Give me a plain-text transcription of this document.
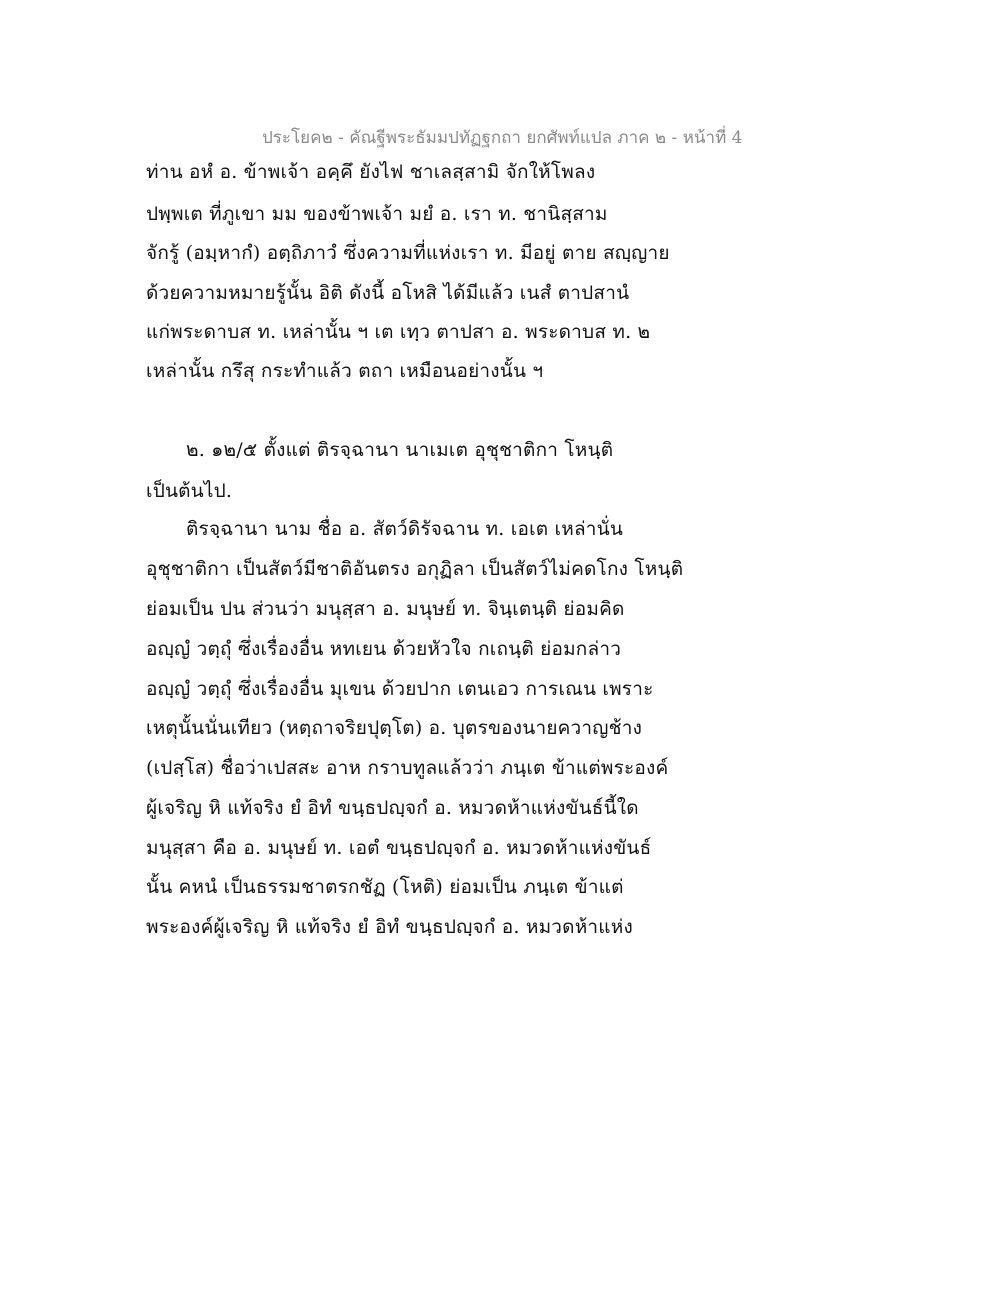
ประโยค๒ - คัณฐีพระธัมมปทัฏฐกถา ยกศัพท์แปล ภาค ๒ - หน้าที่ 4
ท่าน อหํ อ. ข้าพเจ้า อคฺคึ ยังไฟ ชาเลสฺสามิ จักให้โพลง
ปพฺพเต ที่ภูเขา มม ของข้าพเจ้า มยํ อ. เรา ท. ชานิสฺสาม
จักรู้ (อมฺหากํ) อตฺถิภาวํ ซึ่งความที่แห่งเรา ท. มีอยู่ ตาย สญฺญาย
ด้วยความหมายรู้นั้น อิติ ดังนี้ อโหสิ ได้มีแล้ว เนสํ ตาปสานํ
แก่พระดาบส ท. เหล่านั้น ฯ เต เทฺว ตาปสา อ. พระดาบส ท. ๒
เหล่านั้น กรึสุ กระทำแล้ว ตถา เหมือนอย่างนั้น ฯ
๒. ๑๒/๕ ตั้งแต่ ติรจฺฉานา นาเมเต อุชุชาติกา โหนฺติ
เป็นต้นไป.
ติรจฺฉานา นาม ชื่อ อ. สัตว์ดิรัจฉาน ท. เอเต เหล่านั่น
อุชุชาติกา เป็นสัตว์มีชาติอันตรง อกุฏิลา เป็นสัตว์ไม่คดโกง โหนฺติ
ย่อมเป็น ปน ส่วนว่า มนุสฺสา อ. มนุษย์ ท. จินฺเตนฺติ ย่อมคิด
อญฺญํ วตฺถุํ ซึ่งเรื่องอื่น หทเยน ด้วยหัวใจ กเถนฺติ ย่อมกล่าว
อญฺญํ วตฺถุํ ซึ่งเรื่องอื่น มุเขน ด้วยปาก เตนเอว การเณน เพราะ
เหตุนั้นนั่นเทียว (หตฺถาจริยปุตฺโต) อ. บุตรของนายควาญช้าง
(เปสฺโส) ชื่อว่าเปสสะ อาห กราบทูลแล้วว่า ภนฺเต ข้าแต่พระองค์
ผู้เจริญ หิ แท้จริง ยํ อิทํ ขนฺธปญฺจกํ อ. หมวดห้าแห่งขันธ์นี้ใด
มนุสฺสา คือ อ. มนุษย์ ท. เอตํ ขนฺธปญฺจกํ อ. หมวดห้าแห่งขันธ์
นั้น คหนํ เป็นธรรมชาตรกชัฏ (โหติ) ย่อมเป็น ภนฺเต ข้าแต่
พระองค์ผู้เจริญ หิ แท้จริง ยํ อิทํ ขนฺธปญฺจกํ อ. หมวดห้าแห่ง
